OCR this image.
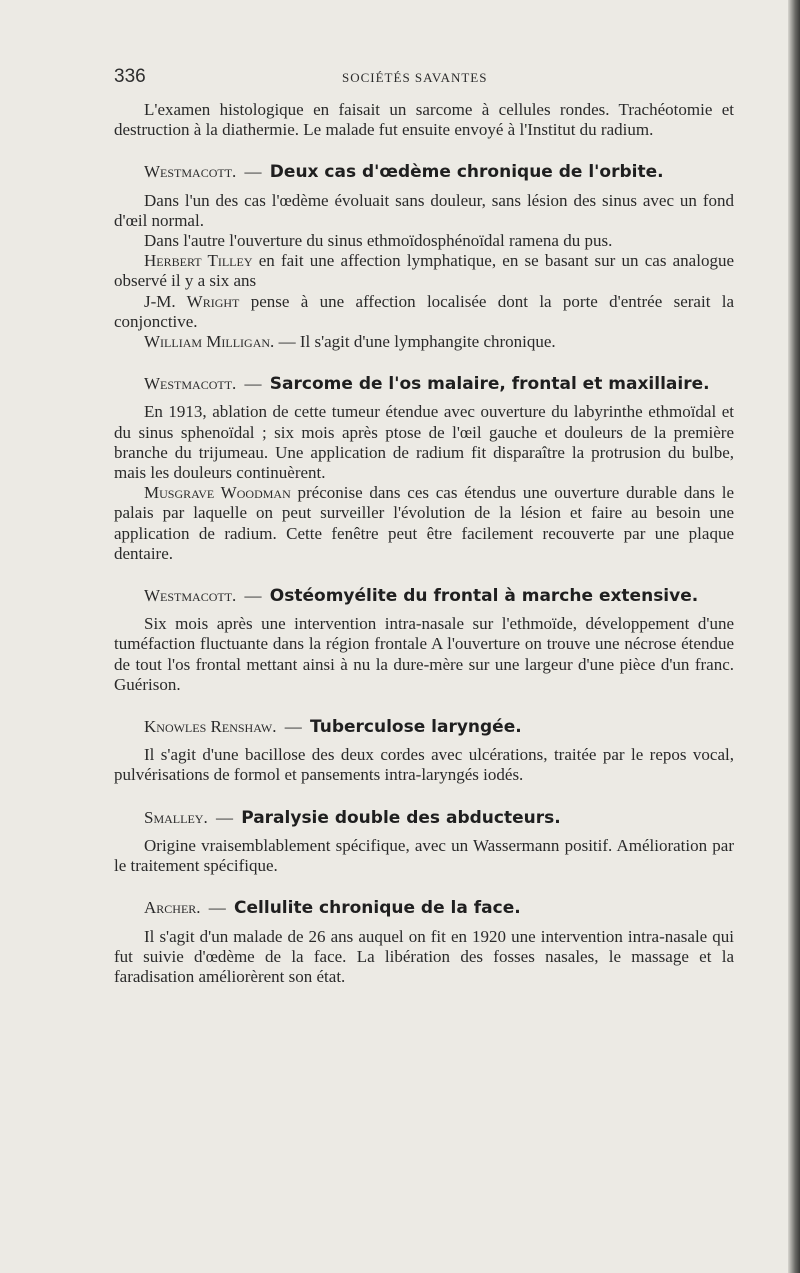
336	SOCIÉTÉS SAVANTES

L'examen histologique en faisait un sarcome à cellules rondes. Trachéotomie et destruction à la diathermie. Le malade fut ensuite envoyé à l'Institut du radium.

Westmacott. — Deux cas d'œdème chronique de l'orbite.

Dans l'un des cas l'œdème évoluait sans douleur, sans lésion des sinus avec un fond d'œil normal.

Dans l'autre l'ouverture du sinus ethmoïdosphénoïdal ramena du pus.

Herbert Tilley en fait une affection lymphatique, en se basant sur un cas analogue observé il y a six ans

J-M. Wright pense à une affection localisée dont la porte d'entrée serait la conjonctive.

William Milligan. — Il s'agit d'une lymphangite chronique.

Westmacott. — Sarcome de l'os malaire, frontal et maxillaire.

En 1913, ablation de cette tumeur étendue avec ouverture du labyrinthe ethmoïdal et du sinus sphenoïdal ; six mois après ptose de l'œil gauche et douleurs de la première branche du trijumeau. Une application de radium fit disparaître la protrusion du bulbe, mais les douleurs continuèrent.

Musgrave Woodman préconise dans ces cas étendus une ouverture durable dans le palais par laquelle on peut surveiller l'évolution de la lésion et faire au besoin une application de radium. Cette fenêtre peut être facilement recouverte par une plaque dentaire.

Westmacott. — Ostéomyélite du frontal à marche extensive.

Six mois après une intervention intra-nasale sur l'ethmoïde, développement d'une tuméfaction fluctuante dans la région frontale A l'ouverture on trouve une nécrose étendue de tout l'os frontal mettant ainsi à nu la dure-mère sur une largeur d'une pièce d'un franc. Guérison.

Knowles Renshaw. — Tuberculose laryngée.

Il s'agit d'une bacillose des deux cordes avec ulcérations, traitée par le repos vocal, pulvérisations de formol et pansements intra-laryngés iodés.

Smalley. — Paralysie double des abducteurs.

Origine vraisemblablement spécifique, avec un Wassermann positif. Amélioration par le traitement spécifique.

Archer. — Cellulite chronique de la face.

Il s'agit d'un malade de 26 ans auquel on fit en 1920 une intervention intra-nasale qui fut suivie d'œdème de la face. La libération des fosses nasales, le massage et la faradisation améliorèrent son état.
